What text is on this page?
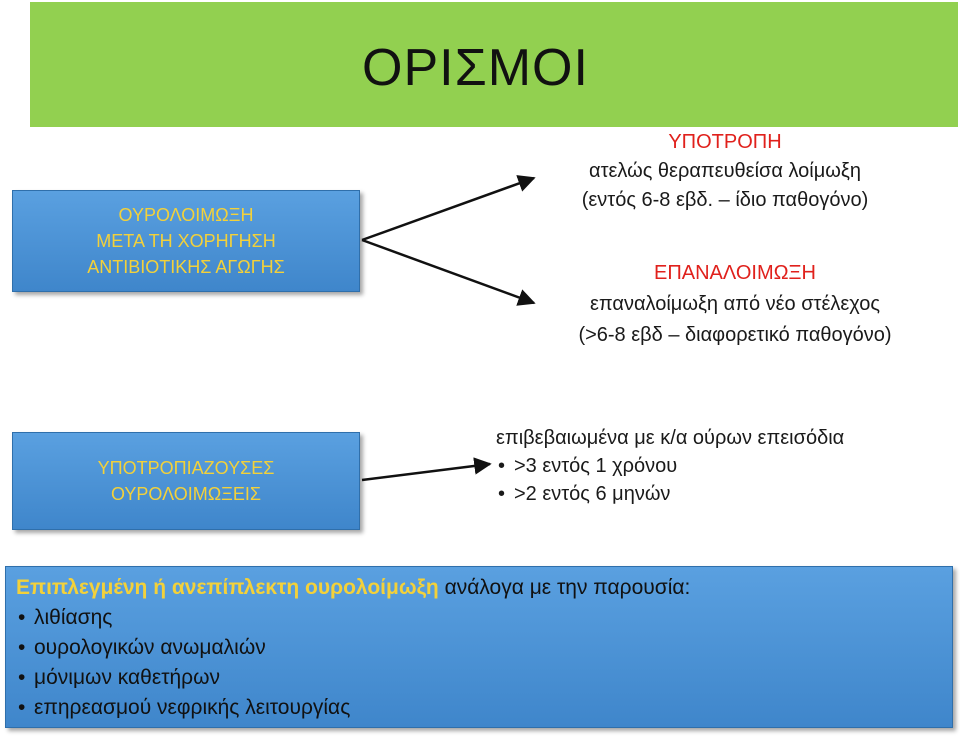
ΟΡΙΣΜΟΙ
ΟΥΡΟΛΟΙΜΩΞΗ
ΜΕΤΑ ΤΗ ΧΟΡΗΓΗΣΗ
ΑΝΤΙΒΙΟΤΙΚΗΣ ΑΓΩΓΗΣ
ΥΠΟΤΡΟΠΗ
ατελώς θεραπευθείσα λοίμωξη
(εντός 6-8 εβδ. – ίδιο παθογόνο)
ΕΠΑΝΑΛΟΙΜΩΞΗ
επαναλοίμωξη από νέο στέλεχος
(>6-8 εβδ – διαφορετικό παθογόνο)
ΥΠΟΤΡΟΠΙΑΖΟΥΣΕΣ
ΟΥΡΟΛΟΙΜΩΞΕΙΣ
επιβεβαιωμένα με κ/α ούρων επεισόδια
• >3 εντός 1 χρόνου
• >2 εντός 6 μηνών
Επιπλεγμένη ή ανεπίπλεκτη ουρολοίμωξη ανάλογα με την παρουσία:
• λιθίασης
• ουρολογικών ανωμαλιών
• μόνιμων καθετήρων
• επηρεασμού νεφρικής λειτουργίας
